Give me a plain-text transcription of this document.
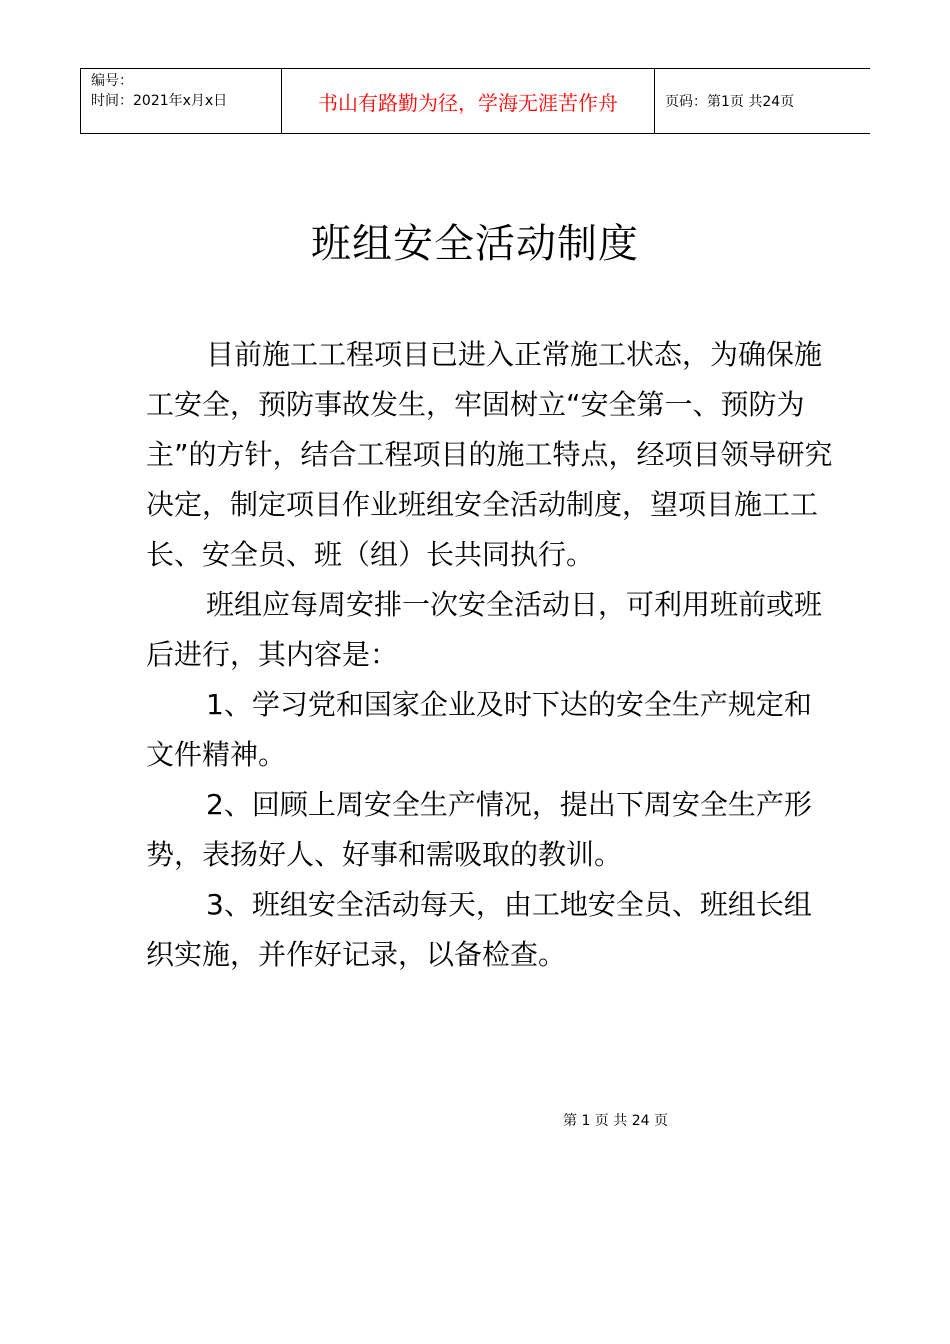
编号：
时间：2021年x月x日	书山有路勤为径，学海无涯苦作舟	页码：第1页 共24页
班组安全活动制度

目前施工工程项目已进入正常施工状态，为确保施工安全，预防事故发生，牢固树立“安全第一、预防为主”的方针，结合工程项目的施工特点，经项目领导研究决定，制定项目作业班组安全活动制度，望项目施工工长、安全员、班（组）长共同执行。

班组应每周安排一次安全活动日，可利用班前或班后进行，其内容是：

1、学习党和国家企业及时下达的安全生产规定和文件精神。

2、回顾上周安全生产情况，提出下周安全生产形势，表扬好人、好事和需吸取的教训。

3、班组安全活动每天，由工地安全员、班组长组织实施，并作好记录，以备检查。

第 1 页 共 24 页
